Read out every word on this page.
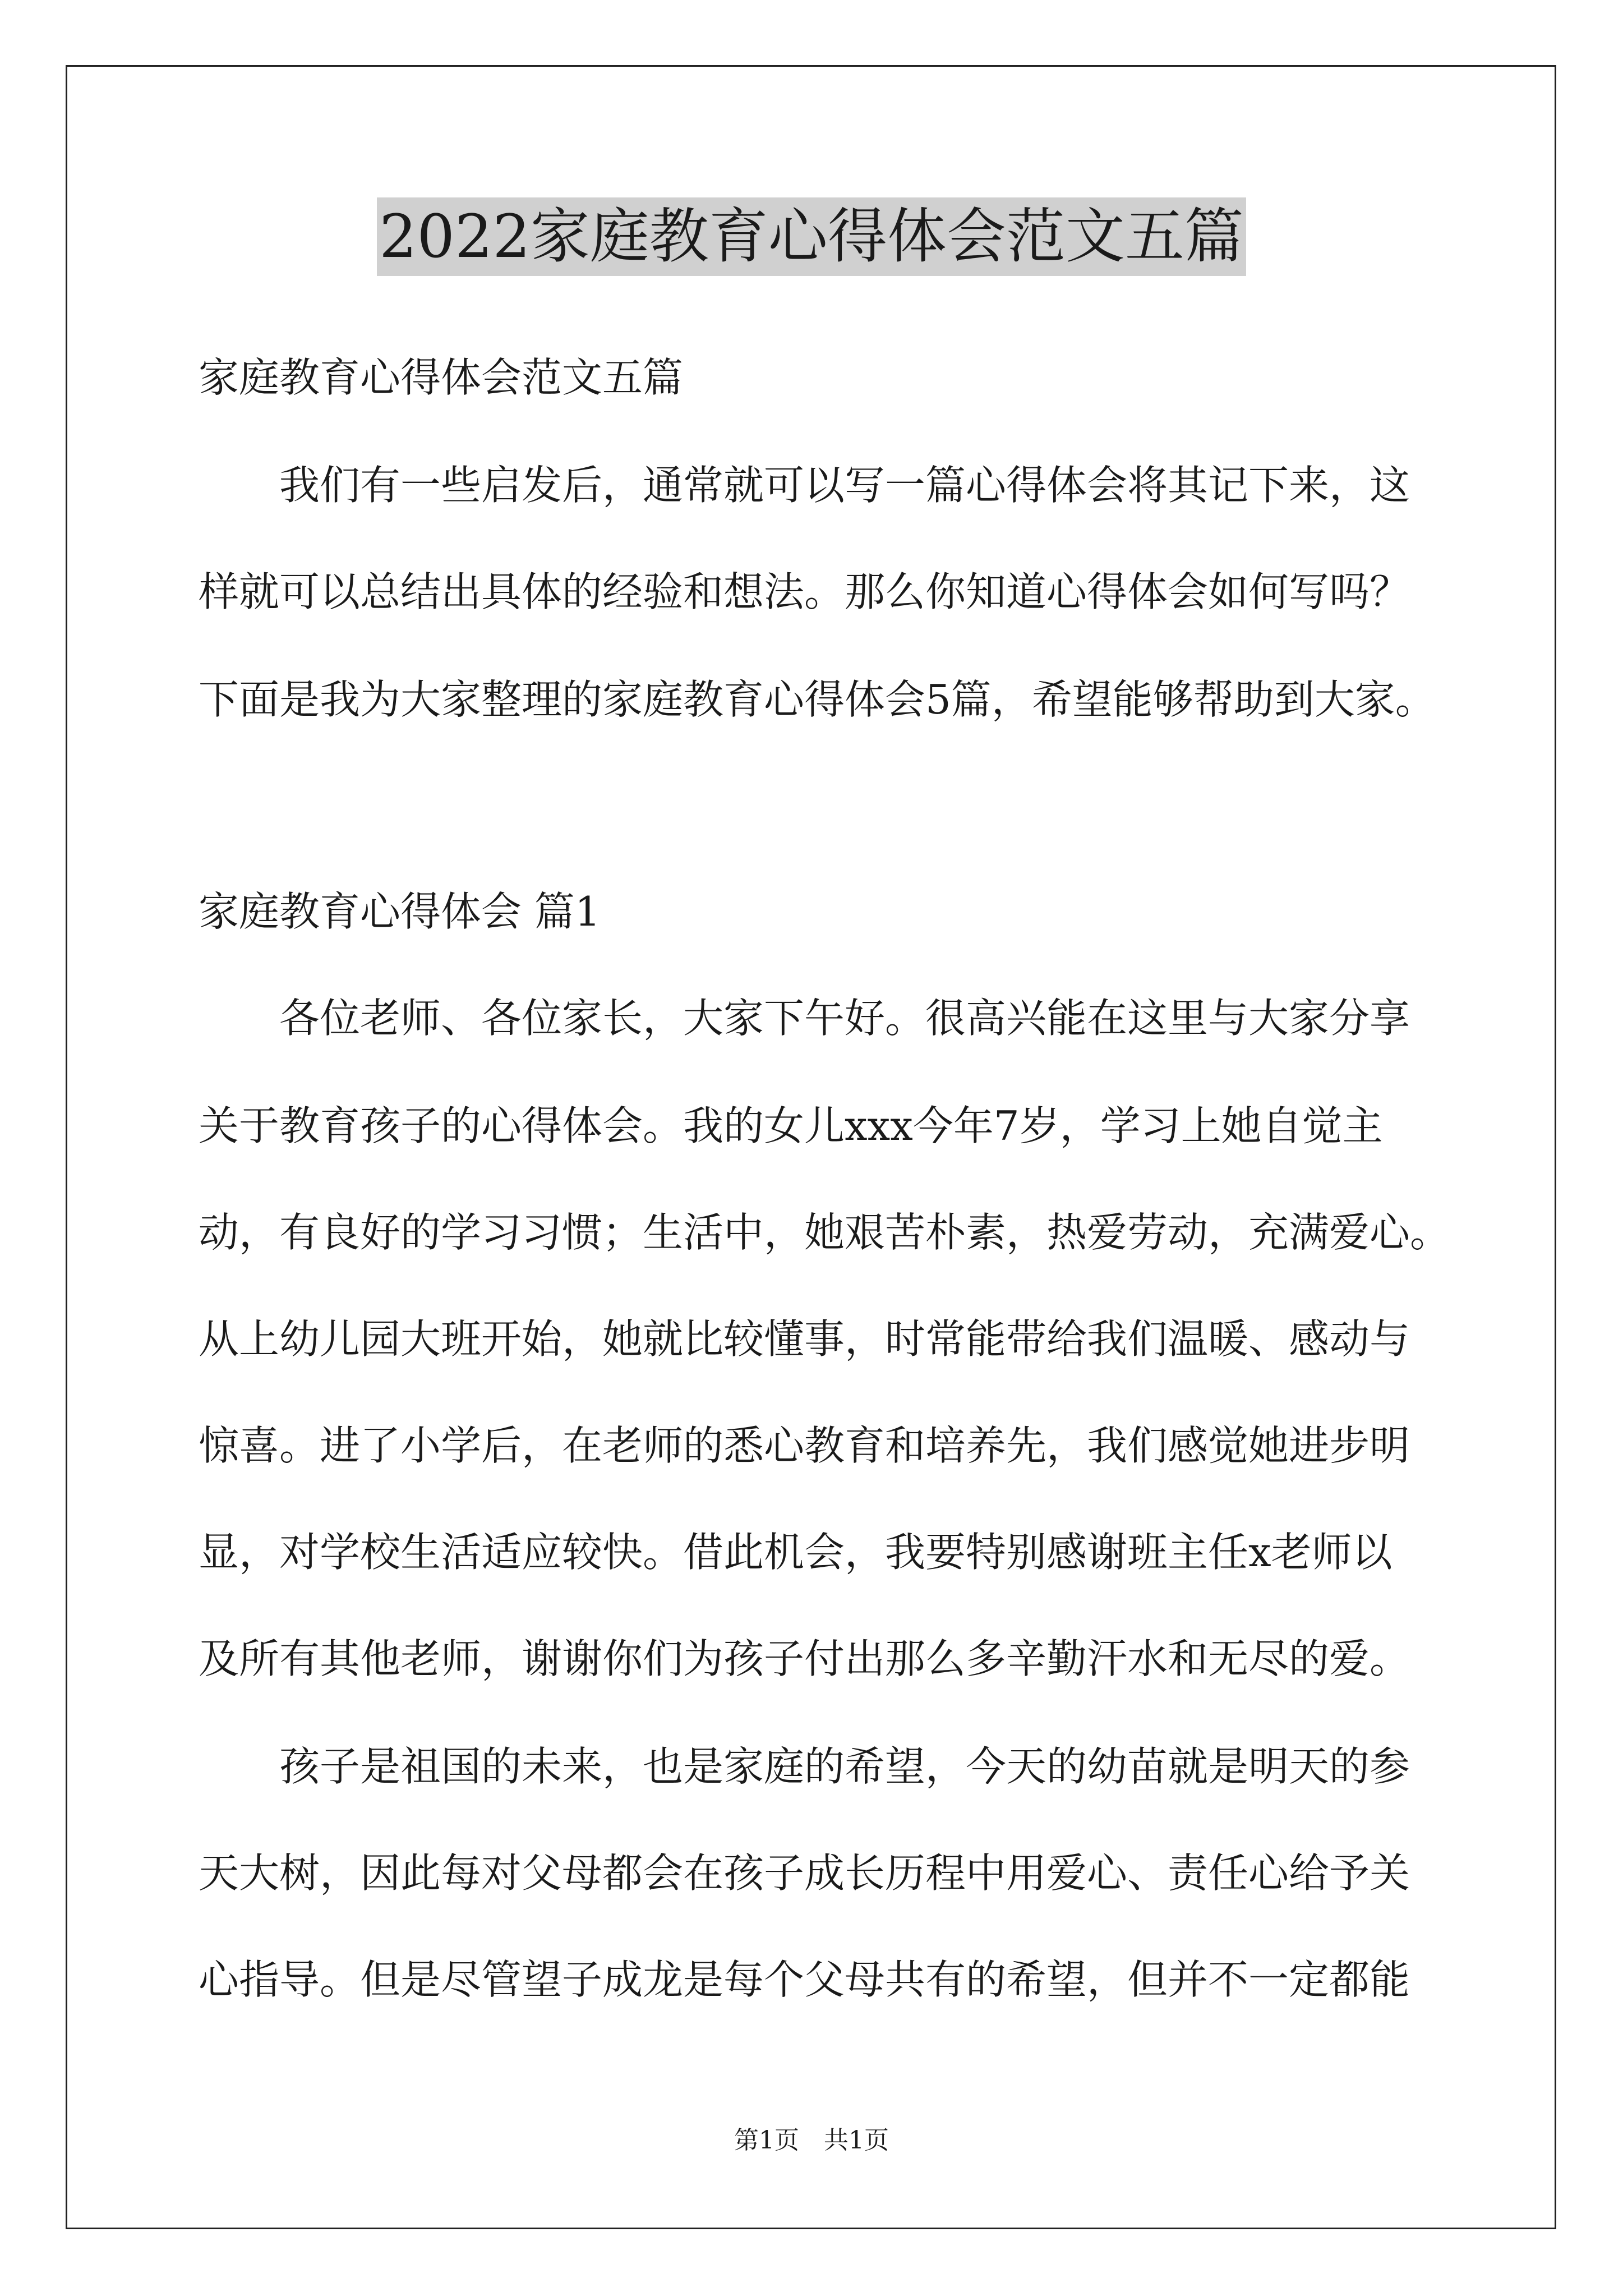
2022家庭教育心得体会范文五篇
家庭教育心得体会范文五篇
　　我们有一些启发后，通常就可以写一篇心得体会将其记下来，这
样就可以总结出具体的经验和想法。那么你知道心得体会如何写吗？
下面是我为大家整理的家庭教育心得体会5篇，希望能够帮助到大家。
家庭教育心得体会 篇1
　　各位老师、各位家长，大家下午好。很高兴能在这里与大家分享
关于教育孩子的心得体会。我的女儿xxx今年7岁，学习上她自觉主
动，有良好的学习习惯；生活中，她艰苦朴素，热爱劳动，充满爱心。
从上幼儿园大班开始，她就比较懂事，时常能带给我们温暖、感动与
惊喜。进了小学后，在老师的悉心教育和培养先，我们感觉她进步明
显，对学校生活适应较快。借此机会，我要特别感谢班主任x老师以
及所有其他老师，谢谢你们为孩子付出那么多辛勤汗水和无尽的爱。
　　孩子是祖国的未来，也是家庭的希望，今天的幼苗就是明天的参
天大树，因此每对父母都会在孩子成长历程中用爱心、责任心给予关
心指导。但是尽管望子成龙是每个父母共有的希望，但并不一定都能
第1页　共1页
